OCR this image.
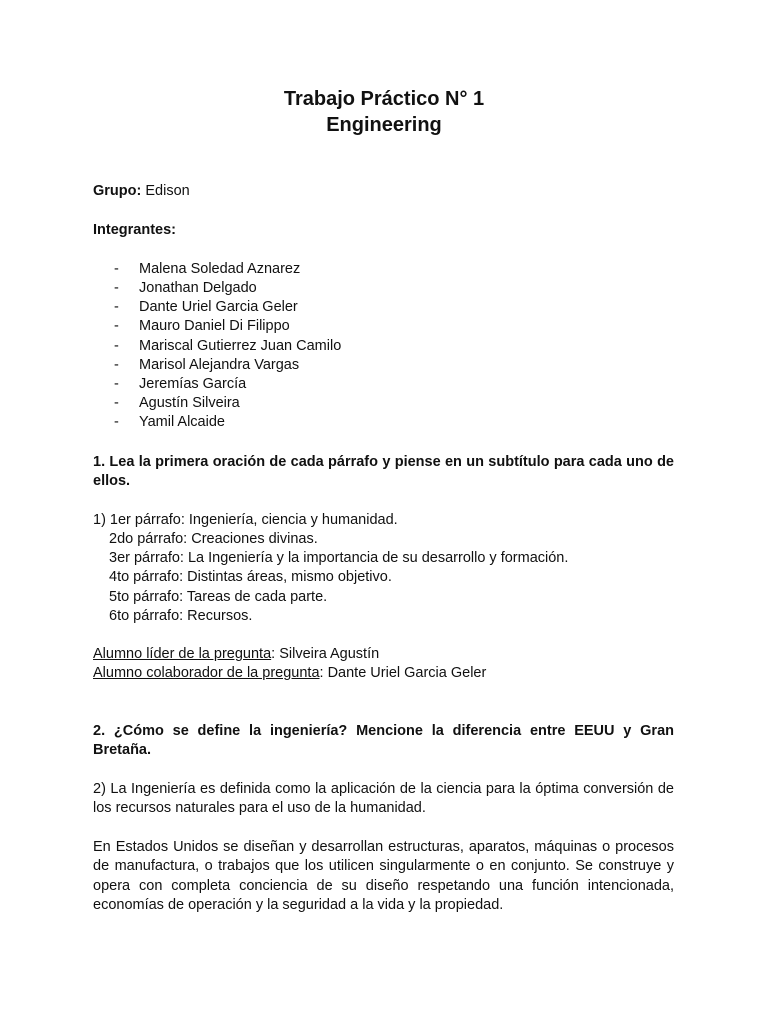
Trabajo Práctico N° 1
Engineering
Grupo: Edison
Integrantes:
- Malena Soledad Aznarez
- Jonathan Delgado
- Dante Uriel Garcia Geler
- Mauro Daniel Di Filippo
- Mariscal Gutierrez Juan Camilo
- Marisol Alejandra Vargas
- Jeremías García
- Agustín Silveira
- Yamil Alcaide
1. Lea la primera oración de cada párrafo y piense en un subtítulo para cada uno de ellos.
1) 1er párrafo: Ingeniería, ciencia y humanidad.
2do párrafo: Creaciones divinas.
3er párrafo: La Ingeniería y la importancia de su desarrollo y formación.
4to párrafo: Distintas áreas, mismo objetivo.
5to párrafo: Tareas de cada parte.
6to párrafo: Recursos.
Alumno líder de la pregunta: Silveira Agustín
Alumno colaborador de la pregunta: Dante Uriel Garcia Geler
2. ¿Cómo se define la ingeniería? Mencione la diferencia entre EEUU y Gran Bretaña.
2) La Ingeniería es definida como la aplicación de la ciencia para la óptima conversión de los recursos naturales para el uso de la humanidad.
En Estados Unidos se diseñan y desarrollan estructuras, aparatos, máquinas o procesos de manufactura, o trabajos que los utilicen singularmente o en conjunto. Se construye y opera con completa conciencia de su diseño respetando una función intencionada, economías de operación y la seguridad a la vida y la propiedad.
